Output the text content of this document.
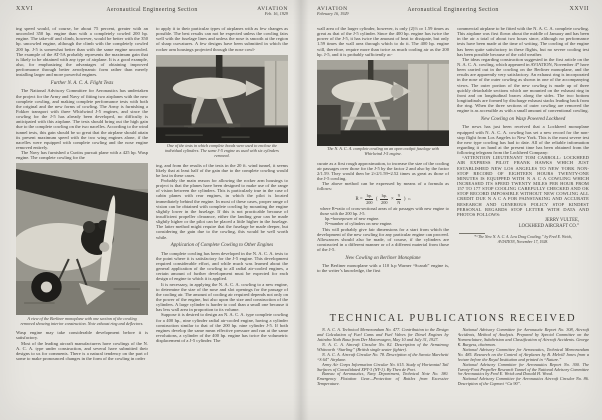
XXVI	Aeronautical Engineering Section	AVIATION
Feb. 16, 1929

ing speed would, of course, be about 75 percent, greater with an uncowled 350 hp. engine than with a completely cowled 200 hp. engine. The take-off and climb, however, would be better with the 350 hp. uncowled engine, although the climb with the completely cowled 200 hp. J-5 is somewhat better than with the same engine uncowled. The example of the AT-5A probably represents the maximum gain that is likely to be obtained with any type of airplane. It is a good example, also, for emphasizing the advantages of obtaining improved performance through better aerodynamic form rather than merely installing larger and more powerful engines.

Further N. A. C. A. Flight Tests

The National Advisory Committee for Aeronautics has undertaken the project for the Army and Navy of fitting two airplanes with the new complete cowling, and making complete performance tests with both the original and the new forms of cowling. The Army is furnishing a Fokker transport with three Whirlwind J-5 engines, and since the cowling for the J-5 has already been developed, no difficulty is anticipated with this airplane. The tests should bring out the high gain due to the complete cowling on the two nacelles. According to the wind tunnel tests, this gain should be so great that the airplane should attain its present maximum speed with the two wing engines alone, if the nacelles were equipped with complete cowling and the nose engine removed entirely.

The Navy has furnished a Curtiss pursuit plane with a 425 hp. Wasp engine. The complete cowling for the

A view of the Berliner monoplane with one section of the cowling removed showing interior construction. Note exhaust ring and deflectors.

Wasp engine may take considerable development before it is satisfactory.

Most of the leading aircraft manufacturers have cowlings of the N. A. C. A. type under construction, and several have submitted their designs to us for comments. There is a natural tendency on the part of some to make pronounced changes in the form of the cowling in order

to apply it to their particular types of airplanes with as few changes as possible. The best results can not be expected unless the cowling fairs well with the fuselage lines and unless the nose is smooth at the region of sharp curvatures. A few designs have been submitted in which the rocker arm housings projected through the nose cowl-

One of the tests in which complete hoods were used to enclose the individual cylinders. The same J-5 engine as used with six cylinders removed.

ing, and from the results of the tests in the 20 ft. wind tunnel, it seems likely that at least half of the gain due to the complete cowling would be lost in these cases.

Probably the main reason for allowing the rocker arm housings to project is that the planes have been designed to make use of the range of vision between the cylinders. This is particularly true in the case of cabin planes with rear engines, in which the pilot is located immediately behind the engine. In most of these cases, proper range of vision can be obtained with complete cowling by mounting the engine slightly lower in the fuselage. If this is not practicable because of insufficient propeller clearance, either the landing gear can be made slightly higher or the pilot can be placed a little higher in the fuselage. The latter method might require that the fuselage be made deeper, but considering the gain due to the cowling, this would be well worth while.

Application of Complete Cowling to Other Engines

The complete cowling has been developed in the N. A. C. A. tests to the point where it is satisfactory for the J-5 engine. This development required considerable effort, and while much was learned about the general application of the cowling to all radial air-cooled engines, a certain amount of further development must be expected for each design of engine to which it is applied.

It is necessary, in applying the N. A. C. A. cowling to a new engine, to determine the size of the nose and slot openings for the passage of the cooling air. The amount of cooling air required depends not only on the power of the engine, but also upon the size and construction of the cylinders. A large cylinder is harder to cool than a small one because it has less wall area in proportion to its volume.

Suppose it is desired to design an N. A. C. A. type complete cowling for a 400 hp., nine cylinder radial air-cooled engine, having a cylinder construction similar to that of the 200 hp. nine cylinder J-5. If both engines develop the same mean effective pressure and run at the same revolutions, a cylinder of the 400 hp. engine has twice the volumetric displacement of a J-5 cylinder. The

AVIATION
February 16, 1929
Aeronautical Engineering Section	XXVII

wall area of the larger cylinder, however, is only (2)⅓ or 1.59 times as great as that of the J-5 cylinder. Since the 400 hp. engine has twice the power of the J-5, it has twice the amount of heat to dissipate, but only 1.59 times the wall area through which to do it. The 400 hp. engine will, therefore, require more than twice as much cooling air as the 200 hp. J-5, and it is probably sufficiently ac-

The N. A. C. A. complete cowling on an open cockpit fuselage with Whirlwind J-5 engine.

curate as a first rough approximation, to increase the size of the cooling air passages over those for the J-5 by the factor 2 and also by the factor 2/1.59. They would then be 2×2/1.59=2.52 times as great as those of the J-5 cowling.

The above method can be expressed by means of a formula as follows:

$R = \frac{hp.}{200}$ ( $\frac{hp.}{200} \times \frac{9}{N}$ ) ⅓

where R=ratio of cross-sectional areas of air passages with new engine to those with the 200 hp. J-5.

hp.=horsepower of new engine.

N=number of cylinders on new engine.

This will probably give fair dimensions for a start from which the development of the new cowling for any particular engine can proceed. Allowances should also be made, of course, if the cylinders are constructed in a different manner or of a different material from those of the J-5.

New Cowling on Berliner Monoplane

The Berliner monoplane with a 110 h.p Warner “Scarab” engine is, to the writer’s knowledge, the first

commercial airplane to be fitted with the N. A. C. A. complete cowling. This airplane was first flown about the middle of January and has been in the air a total of about two hours since, although no performance tests have been made at the time of writing. The cowling of the engine has been quite satisfactory in these flights, but no severe cooling test has been possible because of the cold weather.

The ideas regarding construction suggested in the first article on the N. A. C. A. cowling, which appeared in AVIATION, November 4* have been carried out in the cowling on the Berliner monoplane, and the results are apparently very satisfactory. An exhaust ring is incorporated in the nose of the outer cowling as shown in one of the accompanying views. The outer portion of the new cowling is made up of three quickly detachable sections which are mounted on the exhaust ring in front and on longitudinal braces along the sides. The two bottom longitudinals are formed by discharge exhaust stacks leading back from the ring. When the three sections of outer cowling are removed the engine is as accessible as with a small amount of conventional cowling.

New Cowling on Wasp Powered Lockheed

The news has just been received that a Lockheed monoplane equipped with N. A. C. A. cowling has set a new record for the non-stop flight from Los Angeles to New York. This is the most severe test the new type cowling has had to date. All of the reliable information regarding it on hand at the present time has been obtained from the following telegram from the Lockheed Company:

“ATTENTION LIEUTENANT TOM CARROLL: LOCKHEED AIR EXPRESS PILOT FRANK HAWKS WHICH JUST ESTABLISHED NEW LOS ANGELES TO NEW YORK NON-STOP RECORD OF EIGHTEEN HOURS TWENTY-ONE MINUTES IS EQUIPPED WITH N A C A COWLING WHICH INCREASED ITS SPEED TWENTY MILES PER HOUR FROM 157 TO 177 STOP COOLING CAREFULLY CHECKED AND OK STOP RECORD IMPOSSIBLE WITHOUT NEW COWLING ALL CREDIT DUE N A C A FOR PAINSTAKING AND ACCURATE RESEARCH AND GENEROUS POLICY STOP KINDEST PERSONAL REGARDS STOP LETTER WITH DATA AND PHOTOS FOLLOWS:

JERRY VULTEE,
LOCKHEED AIRCRAFT CO.”

*“The New N. A. C. A. Low Drag Cowling,” by Fred E. Weick, AVIATION, November 17, 1928.

TECHNICAL PUBLICATIONS RECEIVED

N. A. C. A. Technical Memorandum No. 477. Contribution to the Design and Calculation of Fuel Cams and Fuel Valves for Diesel Engines by Jatindra Nath Basu from Der Motorwagen, May 10 and July 31, 1927.

N. A. C. A. Aircraft Circular No. 82. Description of the Armstrong Whitworth “Starling” (British single seater fighter).

N. A. C. A. Aircraft Circular No. 78. Description of the Savoia Marchetti “S 64” Airplane.

Army Air Corps Information Circular No. 615. Study of Horizontal Tail Surfaces of Consolidated XPT-3 (NY-1). By Theo de Port.

Bureau of Aeronautics, Navy Department, Technical Note No. 180. Emergency Flotation Gear—Protection of Bottles from Excessive Temperature.

National Advisory Committee for Aeronautic Report No. 308, Aircraft Accidents, Method of Analysis. Prepared by Special Committee on the Nomenclature, Subdivision and Classification of Aircraft Accidents. George K. Burgess, chairman.

National Advisory Committee for Aeronautics, Technical Memorandum No. 485. Research on the Control of Airplanes by B. Melvill Jones from a lecture before the Royal Institution and printed in “Nature.”

National Advisory Committee for Aeronautics Report No. 300. The Twenty-Foot Propeller Research Tunnel of the National Advisory Committee for Aeronautics by Fred E. Weick and Donald H. Wood.

National Advisory Committee for Aeronautics Aircraft Circular No. 86. Description of the Caproni “Ca 90”.
